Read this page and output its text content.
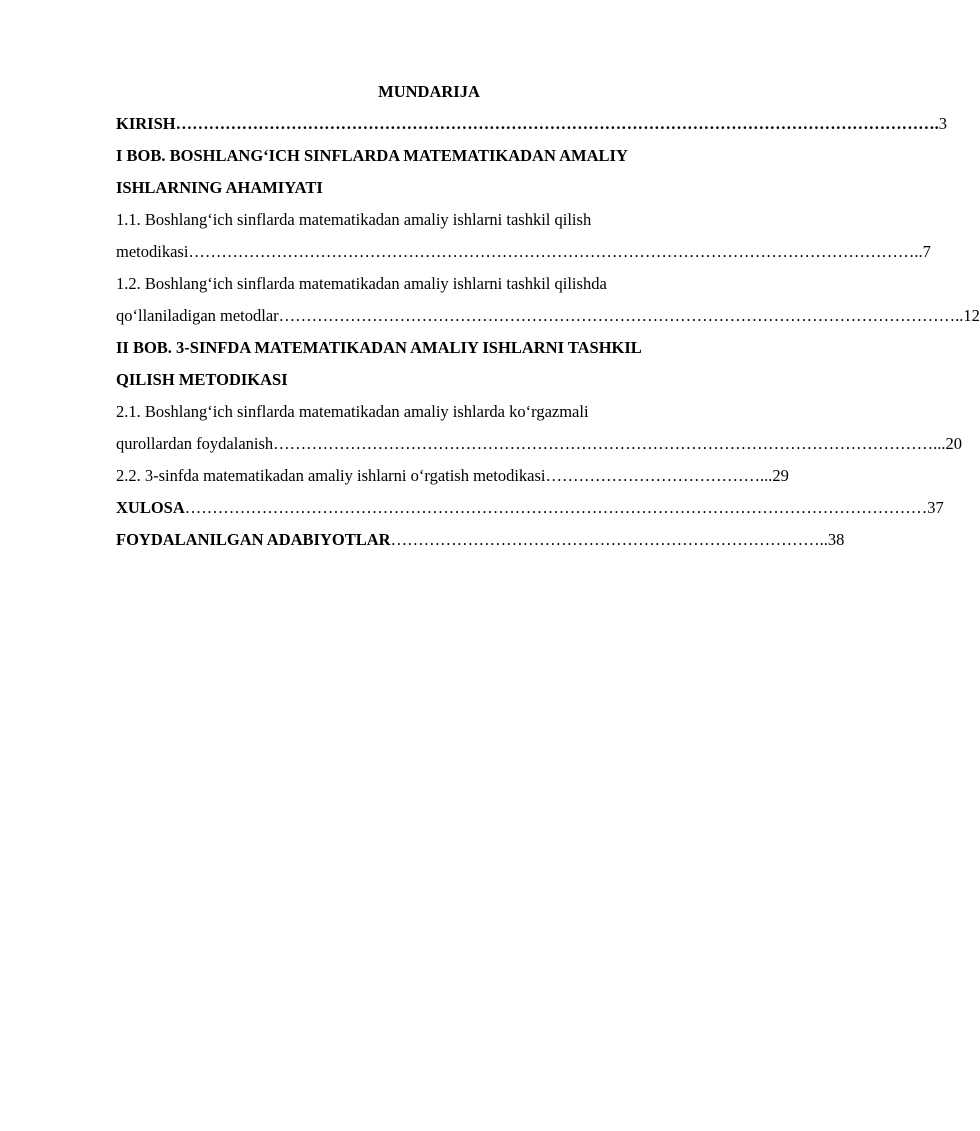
MUNDARIJA

KIRISH …………………………………………………………………………………………………………………………. 3

I BOB. BOSHLANG‘ICH SINFLARDA MATEMATIKADAN AMALIY

ISHLARNING AHAMIYATI

1.1. Boshlang‘ich sinflarda matematikadan amaliy ishlarni tashkil qilish

metodikasi …………………………………………………………………………………………………………………….. 7

1.2. Boshlang‘ich sinflarda matematikadan amaliy ishlarni tashkil qilishda

qo‘llaniladigan metodlar …………………………………………………………………………………………………………….. 12

II BOB. 3-SINFDA MATEMATIKADAN AMALIY ISHLARNI TASHKIL

QILISH METODIKASI

2.1. Boshlang‘ich sinflarda matematikadan amaliy ishlarda ko‘rgazmali

qurollardan foydalanish …………………………………………………………………………………………………………... 20
2.2. 3-sinfda matematikadan amaliy ishlarni o‘rgatish metodikasi …………………………………... 29
XULOSA ……………………………………………………………………………………………………………………… 37
FOYDALANILGAN ADABIYOTLAR …………………………………………………………………….. 38
